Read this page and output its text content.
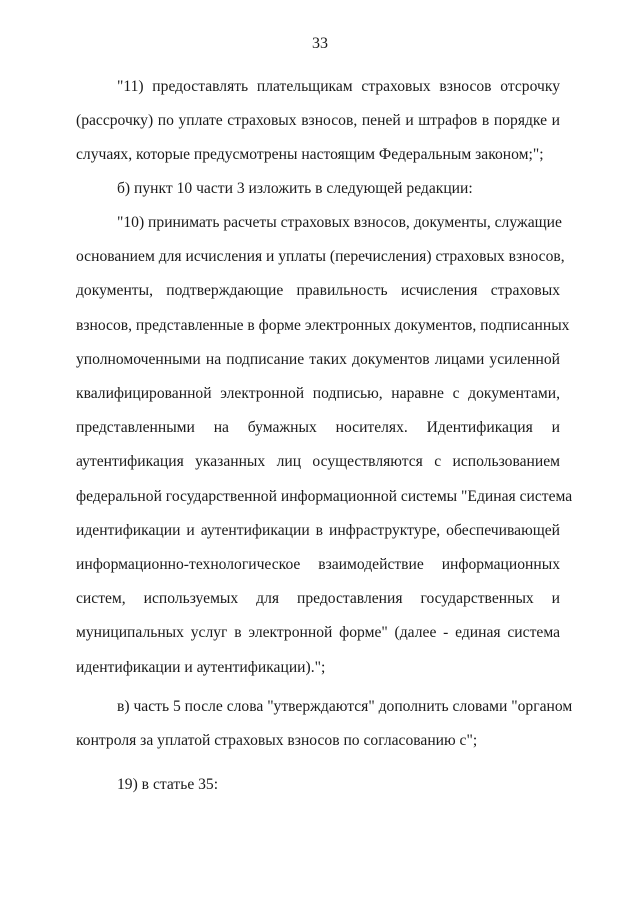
33
"11) предоставлять плательщикам страховых взносов отсрочку
(рассрочку) по уплате страховых взносов, пеней и штрафов в порядке и
случаях, которые предусмотрены настоящим Федеральным законом;";
б) пункт 10 части 3 изложить в следующей редакции:
"10) принимать расчеты страховых взносов, документы, служащие
основанием для исчисления и уплаты (перечисления) страховых взносов,
документы, подтверждающие правильность исчисления страховых
взносов, представленные в форме электронных документов, подписанных
уполномоченными на подписание таких документов лицами усиленной
квалифицированной электронной подписью, наравне с документами,
представленными на бумажных носителях. Идентификация и
аутентификация указанных лиц осуществляются с использованием
федеральной государственной информационной системы "Единая система
идентификации и аутентификации в инфраструктуре, обеспечивающей
информационно-технологическое взаимодействие информационных
систем, используемых для предоставления государственных и
муниципальных услуг в электронной форме" (далее - единая система
идентификации и аутентификации).";
в) часть 5 после слова "утверждаются" дополнить словами "органом
контроля за уплатой страховых взносов по согласованию с";
19) в статье 35:
